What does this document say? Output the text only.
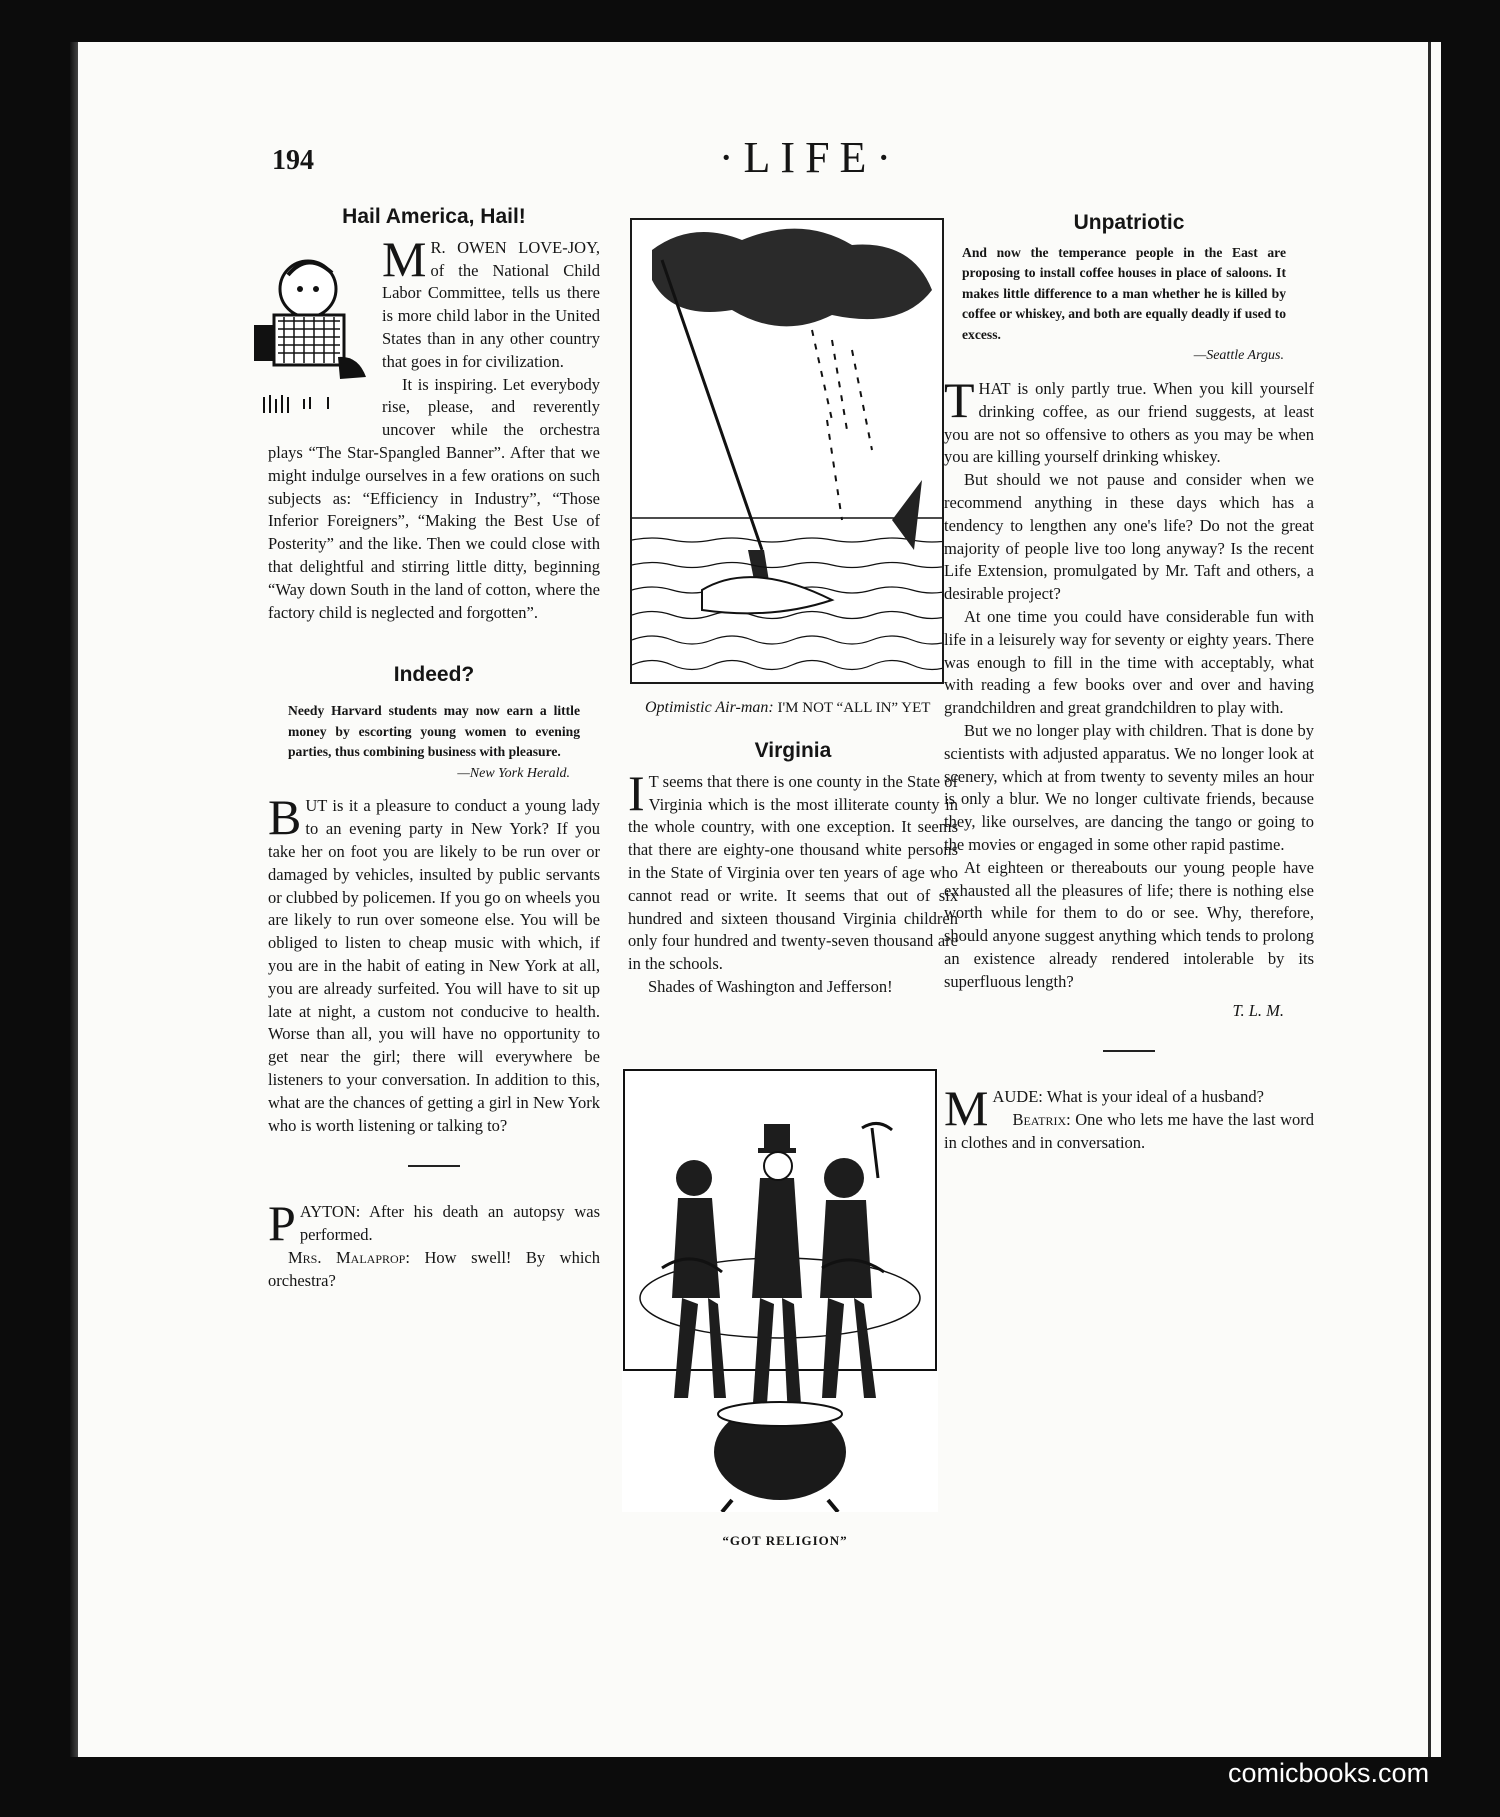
194	·LIFE·
Hail America, Hail!

M R. OWEN LOVE-JOY, of the National Child Labor Committee, tells us there is more child labor in the United States than in any other country that goes in for civilization.

It is inspiring. Let everybody rise, please, and reverently uncover while the orchestra plays “The Star-Spangled Banner”. After that we might indulge ourselves in a few orations on such subjects as: “Efficiency in Industry”, “Those Inferior Foreigners”, “Making the Best Use of Posterity” and the like. Then we could close with that delightful and stirring little ditty, beginning “Way down South in the land of cotton, where the factory child is neglected and forgotten”.

Indeed?
Needy Harvard students may now earn a little money by escorting young women to evening parties, thus combining business with pleasure.
—New York Herald.

BUT is it a pleasure to conduct a young lady to an evening party in New York? If you take her on foot you are likely to be run over or damaged by vehicles, insulted by public servants or clubbed by policemen. If you go on wheels you are likely to run over someone else. You will be obliged to listen to cheap music with which, if you are in the habit of eating in New York at all, you are already surfeited. You will have to sit up late at night, a custom not conducive to health. Worse than all, you will have no opportunity to get near the girl; there will everywhere be listeners to your conversation. In addition to this, what are the chances of getting a girl in New York who is worth listening or talking to?

PAYTON: After his death an autopsy was performed.

Mrs. Malaprop: How swell! By which orchestra?

Optimistic Air-man: I'M NOT “ALL IN” YET
Virginia

I T seems that there is one county in the State of Virginia which is the most illiterate county in the whole country, with one exception. It seems that there are eighty-one thousand white persons in the State of Virginia over ten years of age who cannot read or write. It seems that out of six hundred and sixteen thousand Virginia children only four hundred and twenty-seven thousand are in the schools.

Shades of Washington and Jefferson!

“GOT RELIGION”
Unpatriotic
And now the temperance people in the East are proposing to install coffee houses in place of saloons. It makes little difference to a man whether he is killed by coffee or whiskey, and both are equally deadly if used to excess.
—Seattle Argus.

THAT is only partly true. When you kill yourself drinking coffee, as our friend suggests, at least you are not so offensive to others as you may be when you are killing yourself drinking whiskey.

But should we not pause and consider when we recommend anything in these days which has a tendency to lengthen any one's life? Do not the great majority of people live too long anyway? Is the recent Life Extension, promulgated by Mr. Taft and others, a desirable project?

At one time you could have considerable fun with life in a leisurely way for seventy or eighty years. There was enough to fill in the time with acceptably, what with reading a few books over and over and having grandchildren and great grandchildren to play with.

But we no longer play with children. That is done by scientists with adjusted apparatus. We no longer look at scenery, which at from twenty to seventy miles an hour is only a blur. We no longer cultivate friends, because they, like ourselves, are dancing the tango or going to the movies or engaged in some other rapid pastime.

At eighteen or thereabouts our young people have exhausted all the pleasures of life; there is nothing else worth while for them to do or see. Why, therefore, should anyone suggest anything which tends to prolong an existence already rendered intolerable by its superfluous length?

T. L. M.

MAUDE: What is your ideal of a husband?

Beatrix: One who lets me have the last word in clothes and in conversation.

comicbooks.com
